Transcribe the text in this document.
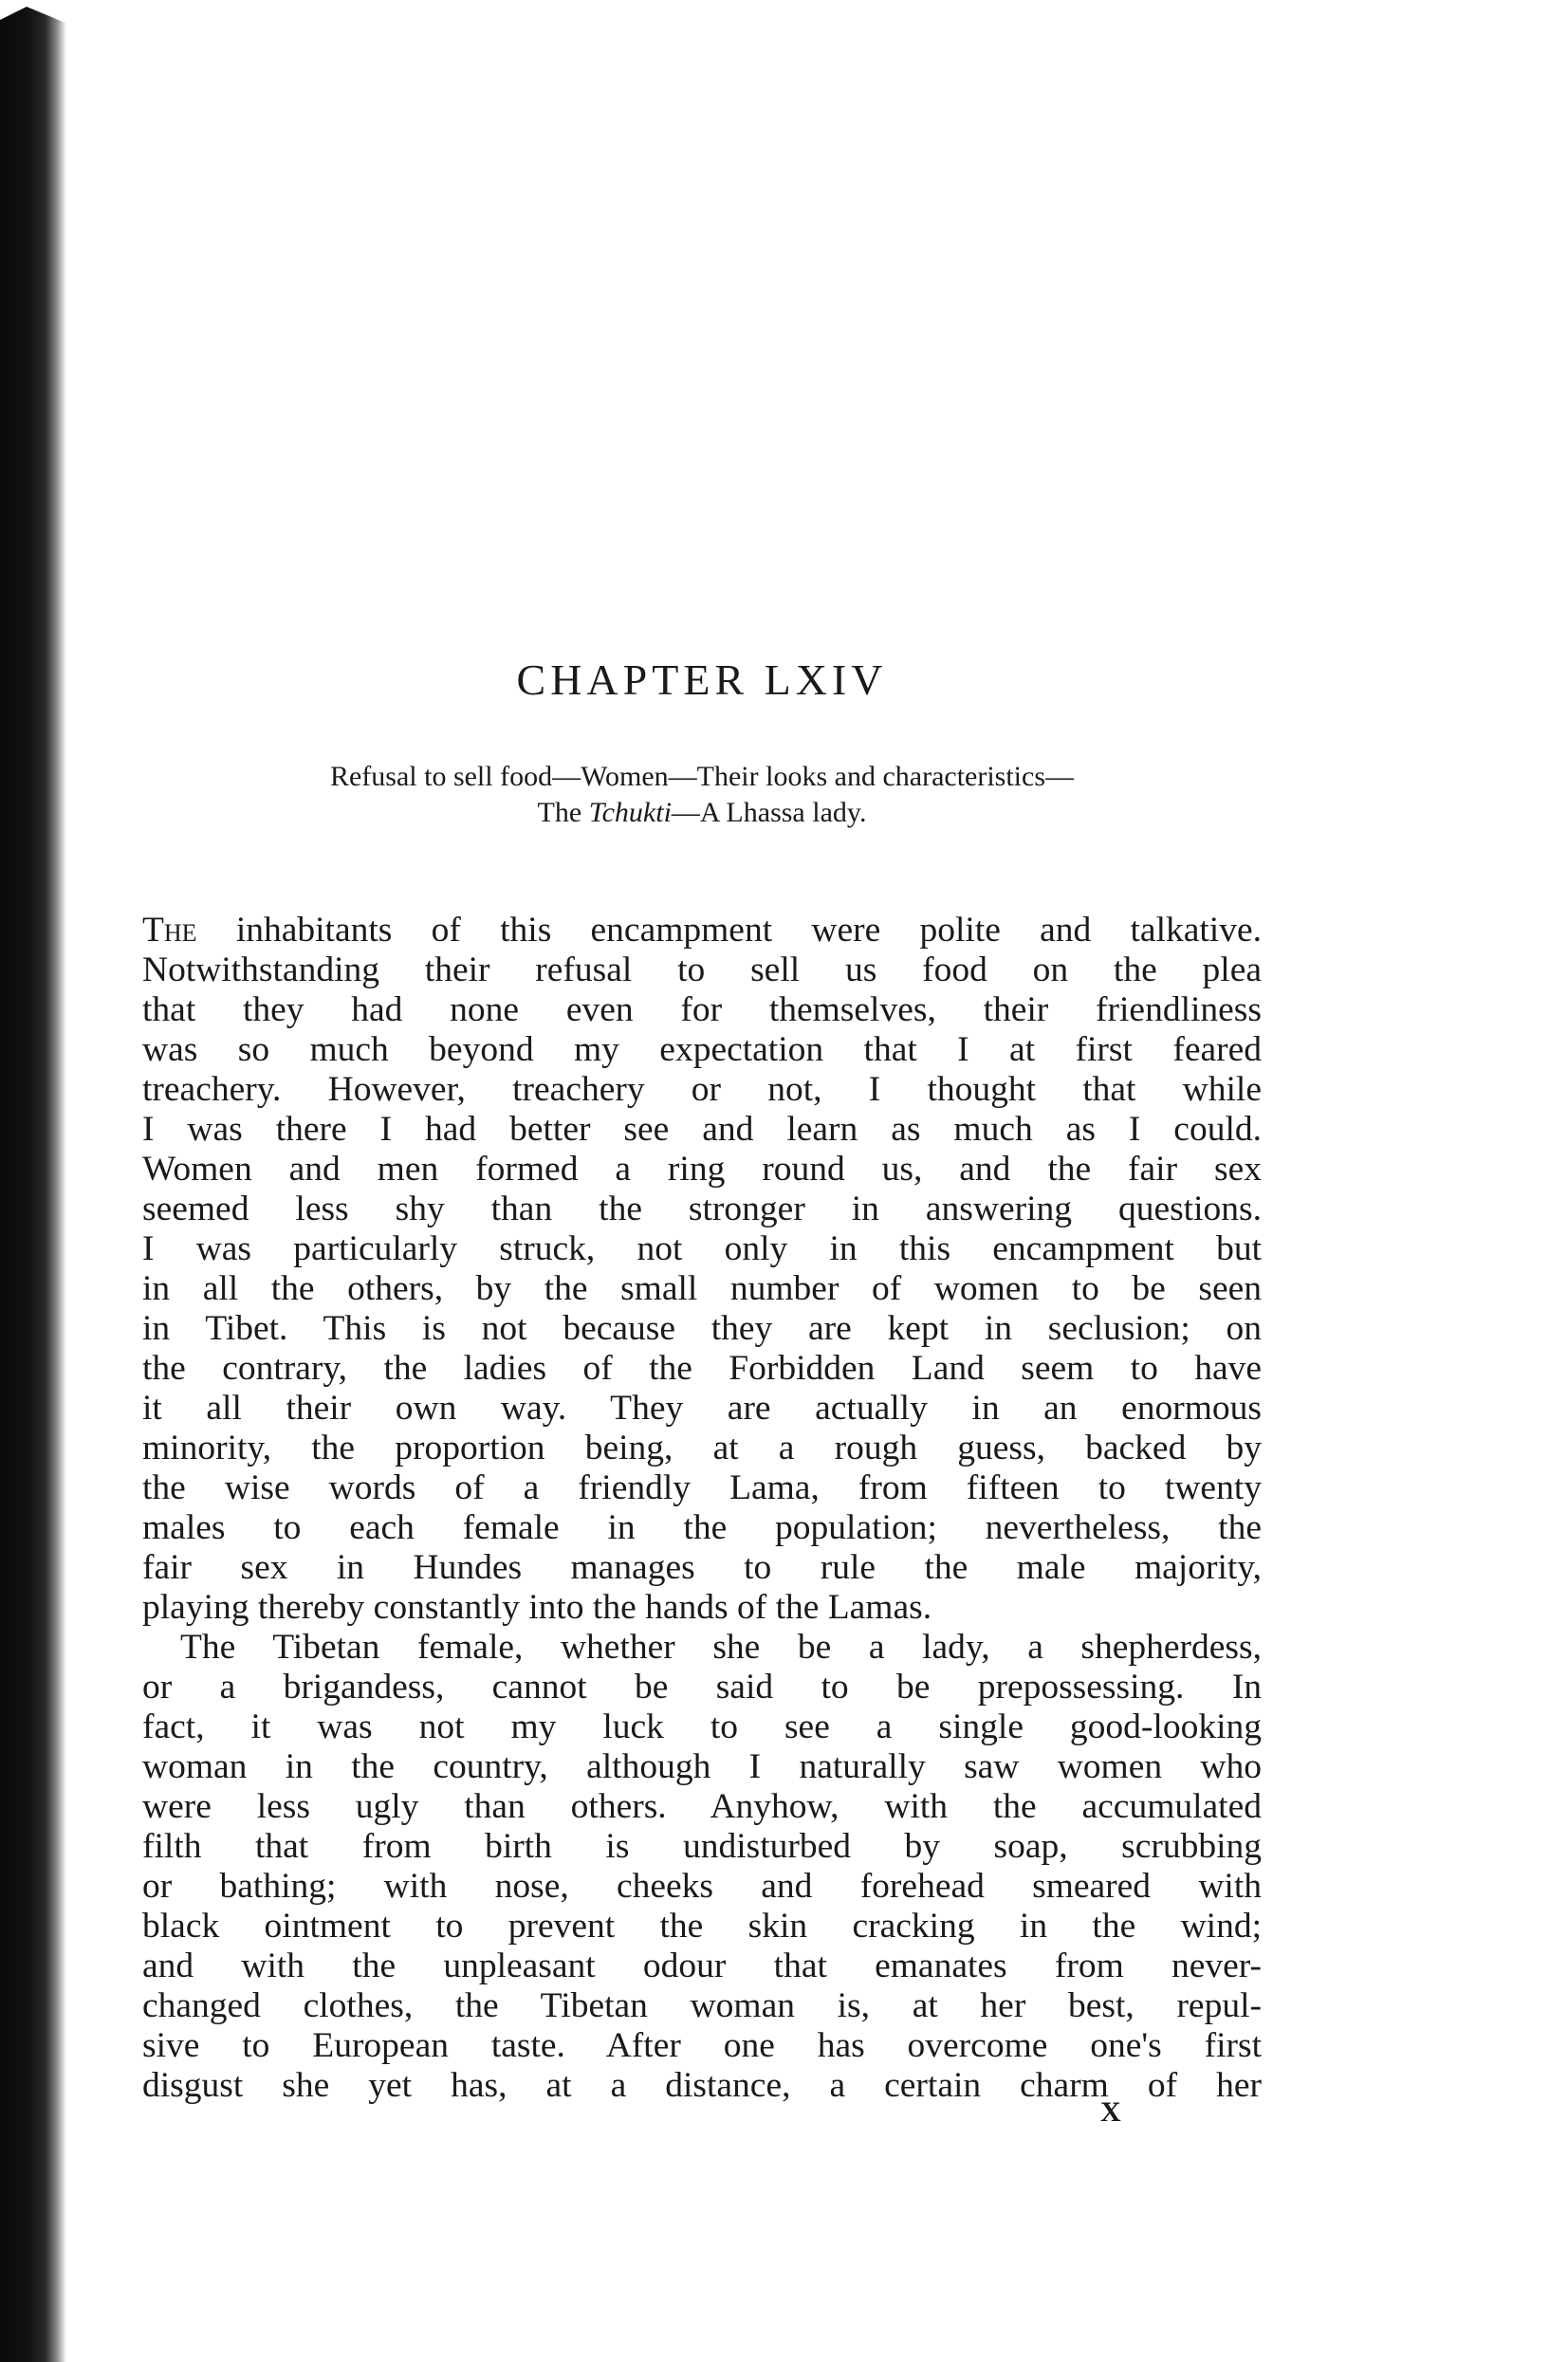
CHAPTER LXIV

Refusal to sell food—Women—Their looks and characteristics—
The Tchukti—A Lhassa lady.

The inhabitants of this encampment were polite and talkative.
Notwithstanding their refusal to sell us food on the plea
that they had none even for themselves, their friendliness
was so much beyond my expectation that I at first feared
treachery. However, treachery or not, I thought that while
I was there I had better see and learn as much as I could.
Women and men formed a ring round us, and the fair sex
seemed less shy than the stronger in answering questions.
I was particularly struck, not only in this encampment but
in all the others, by the small number of women to be seen
in Tibet. This is not because they are kept in seclusion; on
the contrary, the ladies of the Forbidden Land seem to have
it all their own way. They are actually in an enormous
minority, the proportion being, at a rough guess, backed by
the wise words of a friendly Lama, from fifteen to twenty
males to each female in the population; nevertheless, the
fair sex in Hundes manages to rule the male majority,
playing thereby constantly into the hands of the Lamas.
The Tibetan female, whether she be a lady, a shepherdess,
or a brigandess, cannot be said to be prepossessing. In
fact, it was not my luck to see a single good-looking
woman in the country, although I naturally saw women who
were less ugly than others. Anyhow, with the accumulated
filth that from birth is undisturbed by soap, scrubbing
or bathing; with nose, cheeks and forehead smeared with
black ointment to prevent the skin cracking in the wind;
and with the unpleasant odour that emanates from never-
changed clothes, the Tibetan woman is, at her best, repul-
sive to European taste. After one has overcome one's first
disgust she yet has, at a distance, a certain charm of her
X
